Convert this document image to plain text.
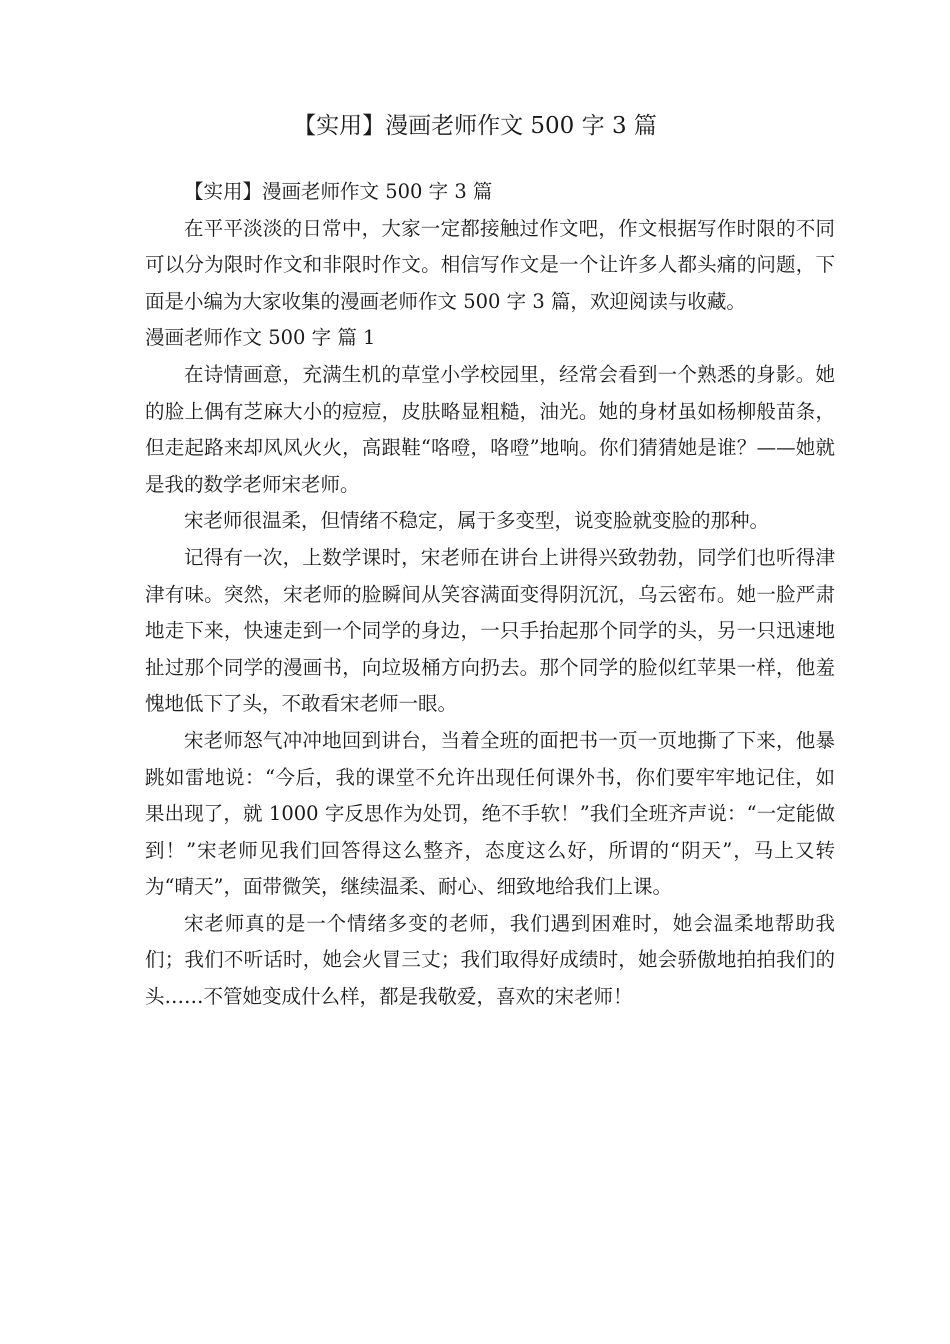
【实用】漫画老师作文 500 字 3 篇

【实用】漫画老师作文 500 字 3 篇

在平平淡淡的日常中，大家一定都接触过作文吧，作文根据写作时限的不同可以分为限时作文和非限时作文。相信写作文是一个让许多人都头痛的问题，下面是小编为大家收集的漫画老师作文 500 字 3 篇，欢迎阅读与收藏。

漫画老师作文 500 字 篇 1

在诗情画意，充满生机的草堂小学校园里，经常会看到一个熟悉的身影。她的脸上偶有芝麻大小的痘痘，皮肤略显粗糙，油光。她的身材虽如杨柳般苗条，但走起路来却风风火火，高跟鞋“咯噔，咯噔”地响。你们猜猜她是谁？——她就是我的数学老师宋老师。

宋老师很温柔，但情绪不稳定，属于多变型，说变脸就变脸的那种。

记得有一次，上数学课时，宋老师在讲台上讲得兴致勃勃，同学们也听得津津有味。突然，宋老师的脸瞬间从笑容满面变得阴沉沉，乌云密布。她一脸严肃地走下来，快速走到一个同学的身边，一只手抬起那个同学的头，另一只迅速地扯过那个同学的漫画书，向垃圾桶方向扔去。那个同学的脸似红苹果一样，他羞愧地低下了头，不敢看宋老师一眼。

宋老师怒气冲冲地回到讲台，当着全班的面把书一页一页地撕了下来，他暴跳如雷地说：“今后，我的课堂不允许出现任何课外书，你们要牢牢地记住，如果出现了，就 1000 字反思作为处罚，绝不手软！”我们全班齐声说：“一定能做到！”宋老师见我们回答得这么整齐，态度这么好，所谓的“阴天”，马上又转为“晴天”，面带微笑，继续温柔、耐心、细致地给我们上课。

宋老师真的是一个情绪多变的老师，我们遇到困难时，她会温柔地帮助我们；我们不听话时，她会火冒三丈；我们取得好成绩时，她会骄傲地拍拍我们的头……不管她变成什么样，都是我敬爱，喜欢的宋老师！
